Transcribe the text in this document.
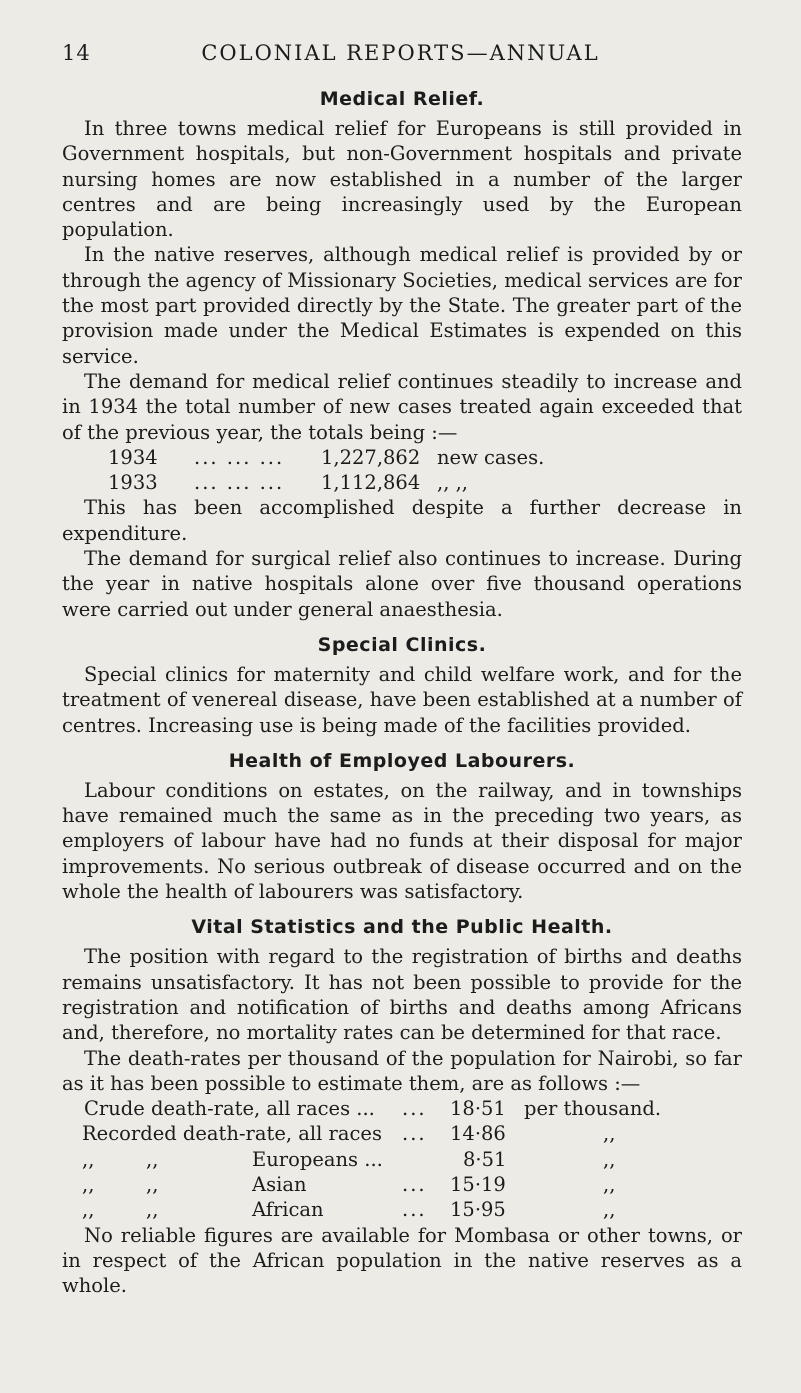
14	COLONIAL REPORTS—ANNUAL
Medical Relief.

In three towns medical relief for Europeans is still provided in Government hospitals, but non-Government hospitals and private nursing homes are now established in a number of the larger centres and are being increasingly used by the European population.

In the native reserves, although medical relief is provided by or through the agency of Missionary Societies, medical services are for the most part provided directly by the State. The greater part of the provision made under the Medical Estimates is expended on this service.

The demand for medical relief continues steadily to increase and in 1934 the total number of new cases treated again exceeded that of the previous year, the totals being :—

1934 ... ... ... 1,227,862 new cases.
1933 ... ... ... 1,112,864 ,, ,,

This has been accomplished despite a further decrease in expenditure.

The demand for surgical relief also continues to increase. During the year in native hospitals alone over five thousand operations were carried out under general anaesthesia.

Special Clinics.

Special clinics for maternity and child welfare work, and for the treatment of venereal disease, have been established at a number of centres. Increasing use is being made of the facilities provided.

Health of Employed Labourers.

Labour conditions on estates, on the railway, and in townships have remained much the same as in the preceding two years, as employers of labour have had no funds at their disposal for major improvements. No serious outbreak of disease occurred and on the whole the health of labourers was satisfactory.

Vital Statistics and the Public Health.

The position with regard to the registration of births and deaths remains unsatisfactory. It has not been possible to provide for the registration and notification of births and deaths among Africans and, therefore, no mortality rates can be determined for that race.

The death-rates per thousand of the population for Nairobi, so far as it has been possible to estimate them, are as follows :—

Crude death-rate, all races ... ... 18·51 per thousand.
Recorded death-rate, all races ... 14·86	,,
,,	,,	Europeans ...	8·51	,,
,,	,,	Asian	... 15·19	,,
,,	,,	African	... 15·95	,,

No reliable figures are available for Mombasa or other towns, or in respect of the African population in the native reserves as a whole.
